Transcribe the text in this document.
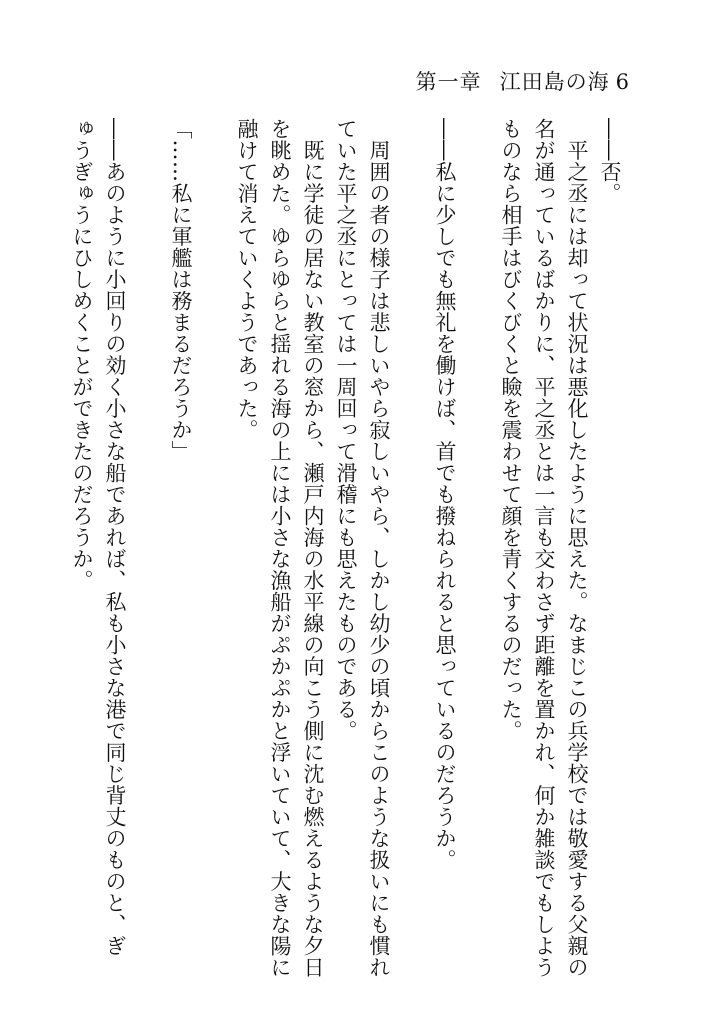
第一章 江田島の海 6
――否。
　平之丞には却って状況は悪化したように思えた。なまじこの兵学校では敬愛する父親の
名が通っているばかりに、平之丞とは一言も交わさず距離を置かれ、何か雑談でもしよう
ものなら相手はびくびくと瞼を震わせて顔を青くするのだった。
――私に少しでも無礼を働けば、首でも撥ねられると思っているのだろうか。
　周囲の者の様子は悲しいやら寂しいやら、しかし幼少の頃からこのような扱いにも慣れ
ていた平之丞にとっては一周回って滑稽にも思えたものである。
　既に学徒の居ない教室の窓から、瀬戸内海の水平線の向こう側に沈む燃えるような夕日
を眺めた。ゆらゆらと揺れる海の上には小さな漁船がぷかぷかと浮いていて、大きな陽に
融けて消えていくようであった。
「……私に軍艦は務まるだろうか」
――あのように小回りの効く小さな船であれば、私も小さな港で同じ背丈のものと、ぎ
ゅうぎゅうにひしめくことができたのだろうか。
